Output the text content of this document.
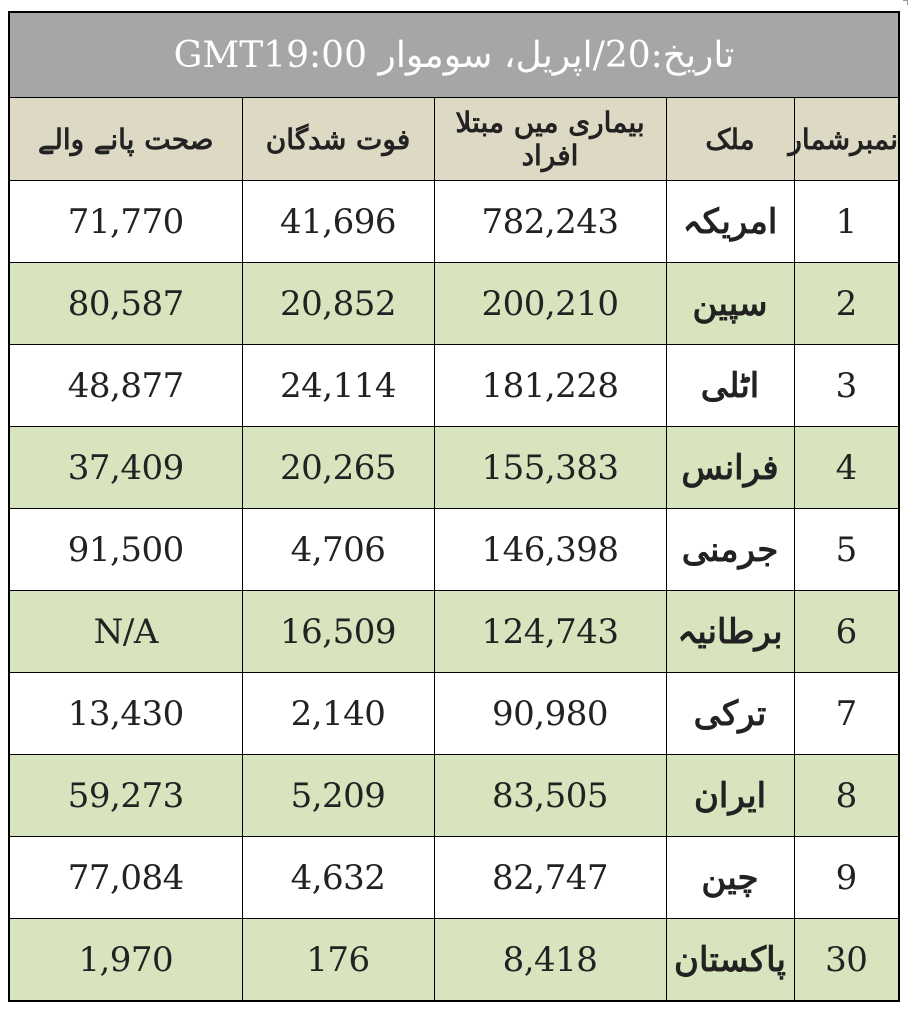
تاریخ:20/اپریل، سوموار GMT19:00				
صحت پانے والے	فوت شدگان	بیماری میں مبتلا افراد	ملک	نمبرشمار
71,770	41,696	782,243	امریکہ	1
80,587	20,852	200,210	سپین	2
48,877	24,114	181,228	اٹلی	3
37,409	20,265	155,383	فرانس	4
91,500	4,706	146,398	جرمنی	5
N/A	16,509	124,743	برطانیہ	6
13,430	2,140	90,980	ترکی	7
59,273	5,209	83,505	ایران	8
77,084	4,632	82,747	چین	9
1,970	176	8,418	پاکستان	30
